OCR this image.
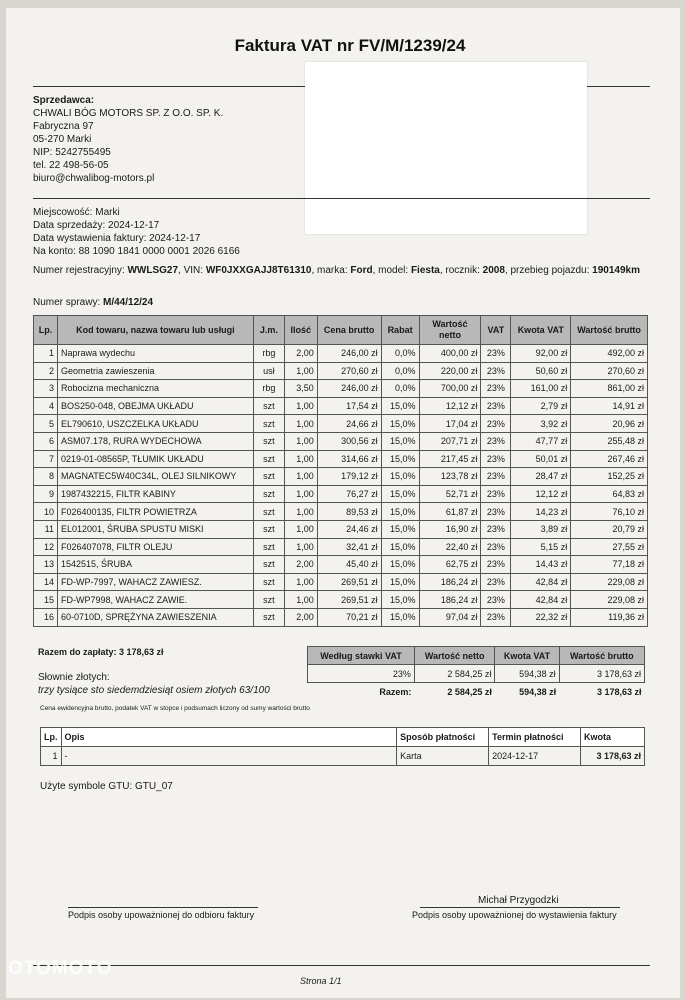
Faktura VAT nr FV/M/1239/24
Sprzedawca:
CHWALI BÓG MOTORS SP. Z O.O. SP. K.
Fabryczna 97
05-270 Marki
NIP: 5242755495
tel. 22 498-56-05
biuro@chwalibog-motors.pl
Miejscowość: Marki
Data sprzedaży: 2024-12-17
Data wystawienia faktury: 2024-12-17
Na konto: 88 1090 1841 0000 0001 2026 6166
Numer rejestracyjny: WWLSG27, VIN: WF0JXXGAJJ8T61310, marka: Ford, model: Fiesta, rocznik: 2008, przebieg pojazdu: 190149km
Numer sprawy: M/44/12/24
Lp.	Kod towaru, nazwa towaru lub usługi	J.m.	Ilość	Cena brutto	Rabat	Wartość netto	VAT	Kwota VAT	Wartość brutto
1	Naprawa wydechu	rbg	2,00	246,00 zł	0,0%	400,00 zł	23%	92,00 zł	492,00 zł
2	Geometria zawieszenia	usł	1,00	270,60 zł	0,0%	220,00 zł	23%	50,60 zł	270,60 zł
3	Robocizna mechaniczna	rbg	3,50	246,00 zł	0,0%	700,00 zł	23%	161,00 zł	861,00 zł
4	BOS250-048, OBEJMA UKŁADU	szt	1,00	17,54 zł	15,0%	12,12 zł	23%	2,79 zł	14,91 zł
5	EL790610, USZCZELKA UKŁADU	szt	1,00	24,66 zł	15,0%	17,04 zł	23%	3,92 zł	20,96 zł
6	ASM07.178, RURA WYDECHOWA	szt	1,00	300,56 zł	15,0%	207,71 zł	23%	47,77 zł	255,48 zł
7	0219-01-08565P, TŁUMIK UKŁADU	szt	1,00	314,66 zł	15,0%	217,45 zł	23%	50,01 zł	267,46 zł
8	MAGNATEC5W40C34L, OLEJ SILNIKOWY	szt	1,00	179,12 zł	15,0%	123,78 zł	23%	28,47 zł	152,25 zł
9	1987432215, FILTR KABINY	szt	1,00	76,27 zł	15,0%	52,71 zł	23%	12,12 zł	64,83 zł
10	F026400135, FILTR POWIETRZA	szt	1,00	89,53 zł	15,0%	61,87 zł	23%	14,23 zł	76,10 zł
11	EL012001, ŚRUBA SPUSTU MISKI	szt	1,00	24,46 zł	15,0%	16,90 zł	23%	3,89 zł	20,79 zł
12	F026407078, FILTR OLEJU	szt	1,00	32,41 zł	15,0%	22,40 zł	23%	5,15 zł	27,55 zł
13	1542515, ŚRUBA	szt	2,00	45,40 zł	15,0%	62,75 zł	23%	14,43 zł	77,18 zł
14	FD-WP-7997, WAHACZ ZAWIESZ.	szt	1,00	269,51 zł	15,0%	186,24 zł	23%	42,84 zł	229,08 zł
15	FD-WP7998, WAHACZ ZAWIE.	szt	1,00	269,51 zł	15,0%	186,24 zł	23%	42,84 zł	229,08 zł
16	60-0710D, SPRĘŻYNA ZAWIESZENIA	szt	2,00	70,21 zł	15,0%	97,04 zł	23%	22,32 zł	119,36 zł
Razem do zapłaty: 3 178,63 zł
Słownie złotych:
trzy tysiące sto siedemdziesiąt osiem złotych 63/100
Według stawki VAT	Wartość netto	Kwota VAT	Wartość brutto
23%	2 584,25 zł	594,38 zł	3 178,63 zł
Razem:	2 584,25 zł	594,38 zł	3 178,63 zł
Cena ewidencyjna brutto, podatek VAT w stopce i podsumach liczony od sumy wartości brutto
Lp.	Opis	Sposób płatności	Termin płatności	Kwota
1	-	Karta	2024-12-17	3 178,63 zł
Użyte symbole GTU: GTU_07
Michał Przygodzki
Podpis osoby upoważnionej do odbioru faktury	Podpis osoby upoważnionej do wystawienia faktury
Strona 1/1
OTOMOTO
